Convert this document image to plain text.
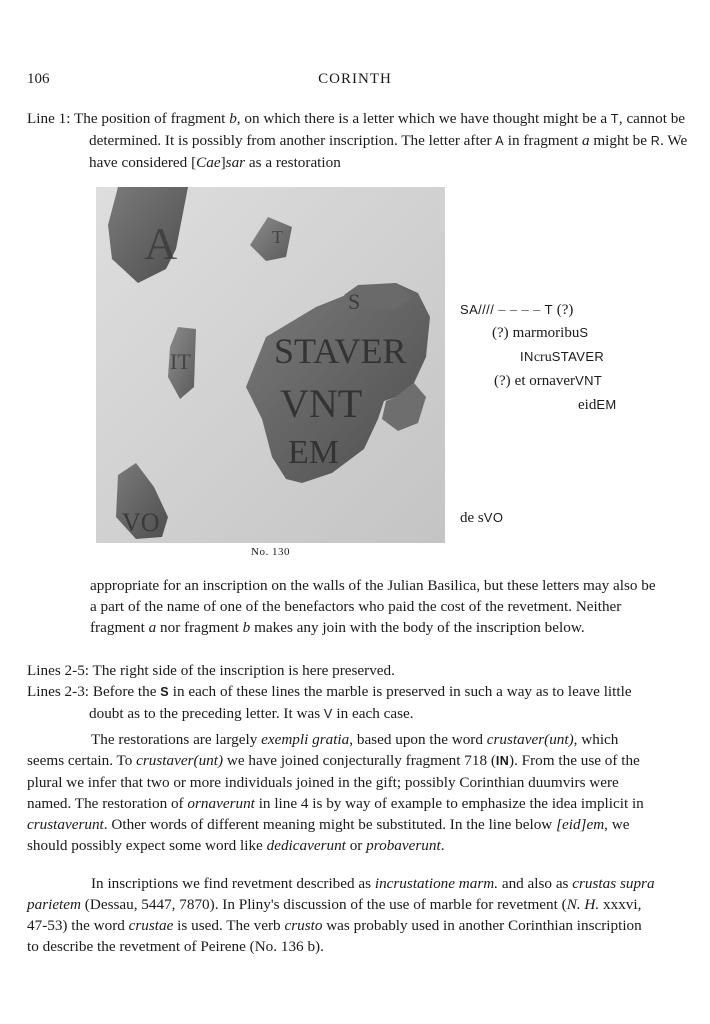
106	CORINTH
Line 1: The position of fragment b, on which there is a letter which we have thought might be a T, cannot be determined. It is possibly from another inscription. The letter after A in fragment a might be R. We have considered [Cae]sar as a restoration
A	T
IT
S
STAVER
VNT
EM
VO
No. 130
SA//// – – – – T (?)
(?) marmoribuS
INcruSTAVER
(?) et ornaverVNT
eidEM
de sVO
appropriate for an inscription on the walls of the Julian Basilica, but these letters may also be a part of the name of one of the benefactors who paid the cost of the revetment. Neither fragment a nor fragment b makes any join with the body of the inscription below.
Lines 2-5: The right side of the inscription is here preserved.
Lines 2-3: Before the S in each of these lines the marble is preserved in such a way as to leave little doubt as to the preceding letter. It was V in each case.
The restorations are largely exempli gratia, based upon the word crustaver(unt), which seems certain. To crustaver(unt) we have joined conjecturally fragment 718 (IN). From the use of the plural we infer that two or more individuals joined in the gift; possibly Corinthian duumvirs were named. The restoration of ornaverunt in line 4 is by way of example to emphasize the idea implicit in crustaverunt. Other words of different meaning might be substituted. In the line below [eid]em, we should possibly expect some word like dedicaverunt or probaverunt.
In inscriptions we find revetment described as incrustatione marm. and also as crustas supra parietem (Dessau, 5447, 7870). In Pliny's discussion of the use of marble for revetment (N. H. xxxvi, 47-53) the word crustae is used. The verb crusto was probably used in another Corinthian inscription to describe the revetment of Peirene (No. 136 b).
